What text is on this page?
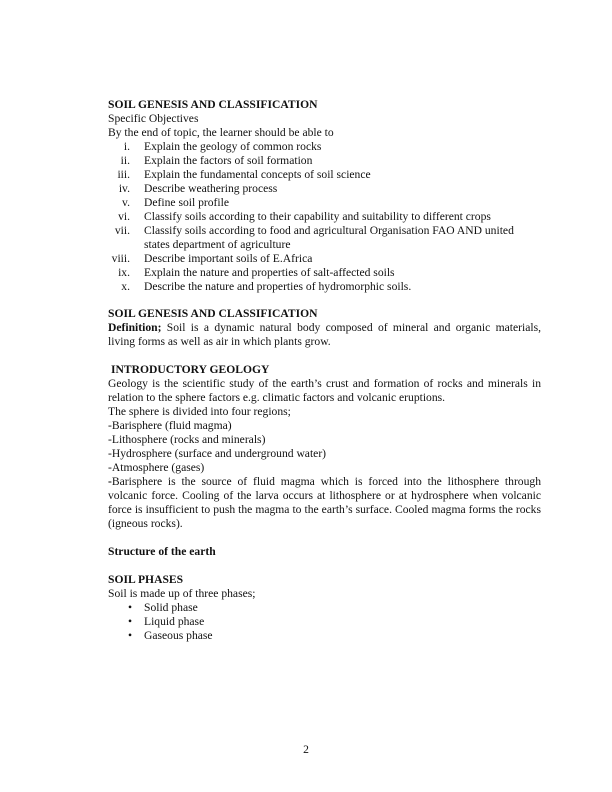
SOIL GENESIS AND CLASSIFICATION

Specific Objectives

By the end of topic, the learner should be able to

i. Explain the geology of common rocks
ii. Explain the factors of soil formation
iii. Explain the fundamental concepts of soil science
iv. Describe weathering process
v. Define soil profile
vi. Classify soils according to their capability and suitability to different crops
vii. Classify soils according to food and agricultural Organisation FAO AND united states department of agriculture
viii. Describe important soils of E.Africa
ix. Explain the nature and properties of salt-affected soils
x. Describe the nature and properties of hydromorphic soils.

SOIL GENESIS AND CLASSIFICATION

Definition; Soil is a dynamic natural body composed of mineral and organic materials, living forms as well as air in which plants grow.

INTRODUCTORY GEOLOGY

Geology is the scientific study of the earth’s crust and formation of rocks and minerals in relation to the sphere factors e.g. climatic factors and volcanic eruptions.

The sphere is divided into four regions;

-Barisphere (fluid magma)

-Lithosphere (rocks and minerals)

-Hydrosphere (surface and underground water)

-Atmosphere (gases)

-Barisphere is the source of fluid magma which is forced into the lithosphere through volcanic force. Cooling of the larva occurs at lithosphere or at hydrosphere when volcanic force is insufficient to push the magma to the earth’s surface. Cooled magma forms the rocks (igneous rocks).

Structure of the earth

SOIL PHASES

Soil is made up of three phases;

• Solid phase
• Liquid phase
• Gaseous phase
2
